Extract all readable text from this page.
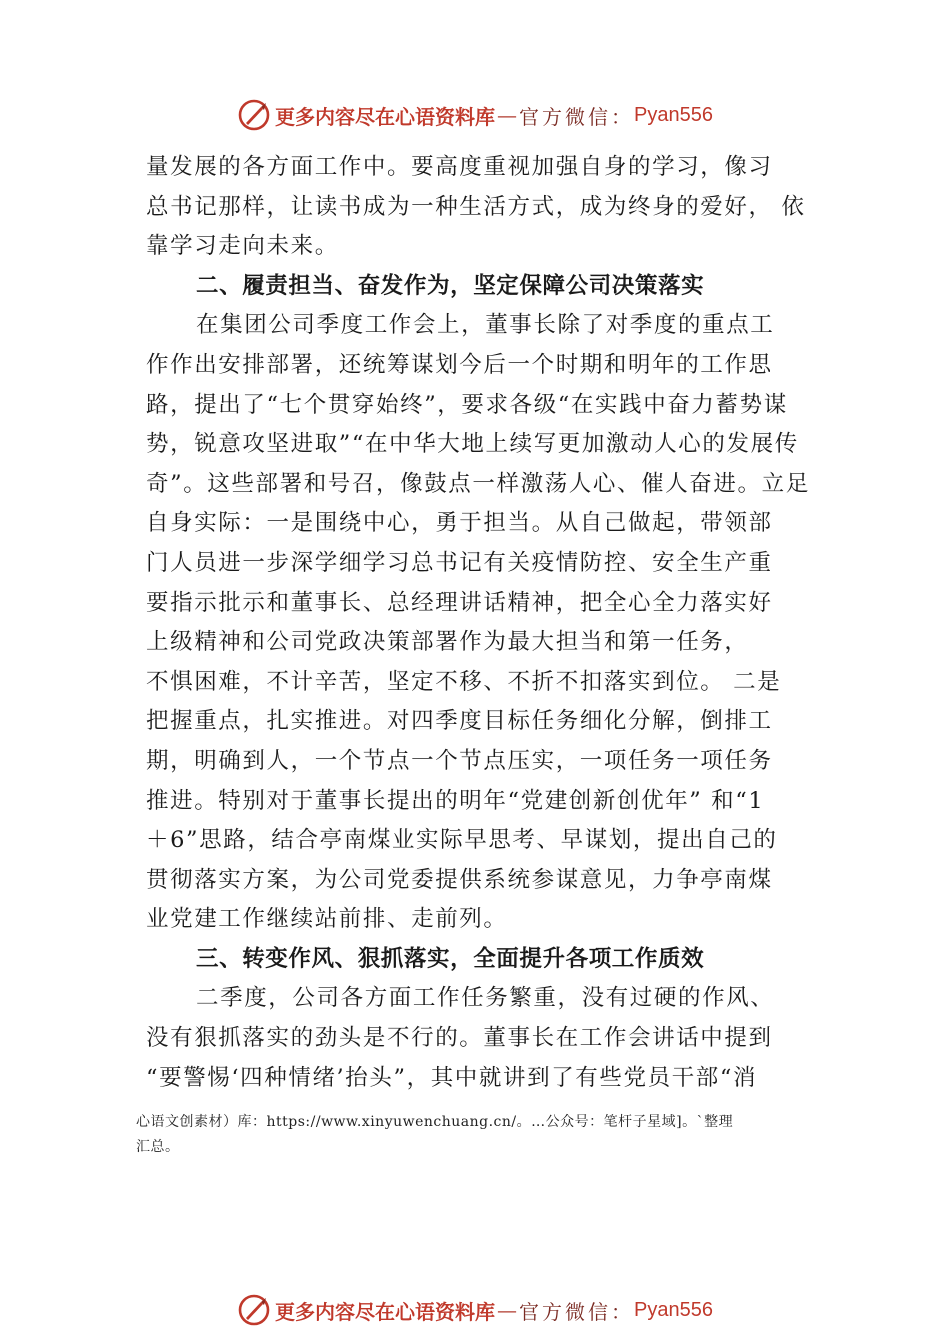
更多内容尽在心语资料库 — 官方微信： Pyan556
量发展的各方面工作中。要高度重视加强自身的学习，像习
总书记那样，让读书成为一种生活方式，成为终身的爱好， 依
靠学习走向未来。
二、履责担当、奋发作为，坚定保障公司决策落实
在集团公司季度工作会上，董事长除了对季度的重点工
作作出安排部署，还统筹谋划今后一个时期和明年的工作思
路，提出了“七个贯穿始终”，要求各级“在实践中奋力蓄势谋
势，锐意攻坚进取”“在中华大地上续写更加激动人心的发展传
奇”。这些部署和号召，像鼓点一样激荡人心、催人奋进。立足
自身实际：一是围绕中心，勇于担当。从自己做起，带领部
门人员进一步深学细学习总书记有关疫情防控、安全生产重
要指示批示和董事长、总经理讲话精神，把全心全力落实好
上级精神和公司党政决策部署作为最大担当和第一任务，
不惧困难，不计辛苦，坚定不移、不折不扣落实到位。 二是
把握重点，扎实推进。对四季度目标任务细化分解，倒排工
期，明确到人，一个节点一个节点压实，一项任务一项任务
推进。特别对于董事长提出的明年“党建创新创优年” 和“1
＋6”思路，结合亭南煤业实际早思考、早谋划，提出自己的
贯彻落实方案，为公司党委提供系统参谋意见，力争亭南煤
业党建工作继续站前排、走前列。
三、转变作风、狠抓落实，全面提升各项工作质效
二季度，公司各方面工作任务繁重，没有过硬的作风、
没有狠抓落实的劲头是不行的。董事长在工作会讲话中提到
“要警惕‘四种情绪’抬头”，其中就讲到了有些党员干部“消
心语文创素材）库：https://www.xinyuwenchuang.cn/。…公众号：笔杆子星域]。`整理
汇总。
更多内容尽在心语资料库 — 官方微信： Pyan556
